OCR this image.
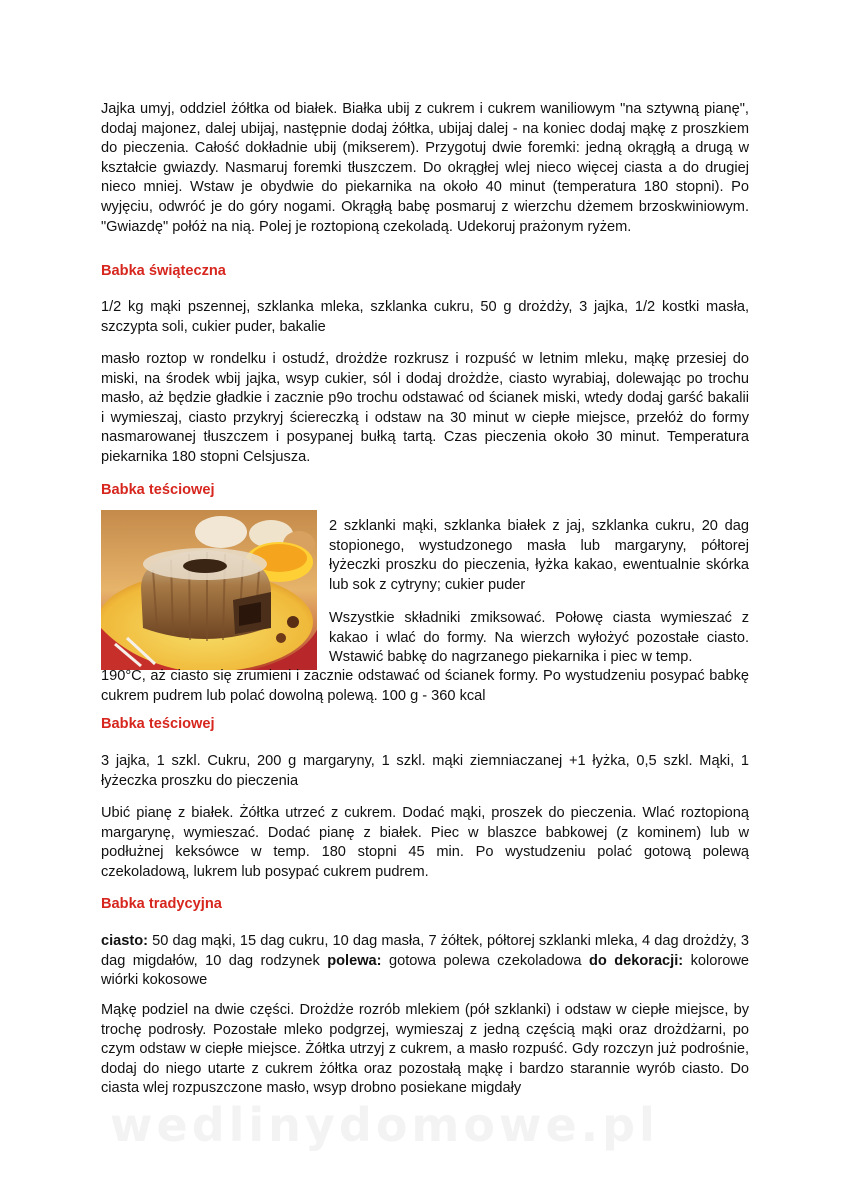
Jajka umyj, oddziel żółtka od białek. Białka ubij z cukrem i cukrem waniliowym "na sztywną pianę", dodaj majonez, dalej ubijaj, następnie dodaj żółtka, ubijaj dalej - na koniec dodaj mąkę z proszkiem do pieczenia. Całość dokładnie ubij (mikserem). Przygotuj dwie foremki: jedną okrągłą a drugą w kształcie gwiazdy. Nasmaruj foremki tłuszczem. Do okrągłej wlej nieco więcej ciasta a do drugiej nieco mniej. Wstaw je obydwie do piekarnika na około 40 minut (temperatura 180 stopni). Po wyjęciu, odwróć je do góry nogami. Okrągłą babę posmaruj z wierzchu dżemem brzoskwiniowym. "Gwiazdę" połóż na nią. Polej je roztopioną czekoladą. Udekoruj prażonym ryżem.

Babka świąteczna

1/2 kg mąki pszennej, szklanka mleka, szklanka cukru, 50 g drożdży, 3 jajka, 1/2 kostki masła, szczypta soli, cukier puder, bakalie

masło roztop w rondelku i ostudź, drożdże rozkrusz i rozpuść w letnim mleku, mąkę przesiej do miski, na środek wbij jajka, wsyp cukier, sól i dodaj drożdże, ciasto wyrabiaj, dolewając po trochu masło, aż będzie gładkie i zacznie p9o trochu odstawać od ścianek miski, wtedy dodaj garść bakalii i wymieszaj, ciasto przykryj ściereczką i odstaw na 30 minut w ciepłe miejsce, przełóż do formy nasmarowanej tłuszczem i posypanej bułką tartą. Czas pieczenia około 30 minut. Temperatura piekarnika 180 stopni Celsjusza.

Babka teściowej

2 szklanki mąki, szklanka białek z jaj, szklanka cukru, 20 dag stopionego, wystudzonego masła lub margaryny, półtorej łyżeczki proszku do pieczenia, łyżka kakao, ewentualnie skórka lub sok z cytryny; cukier puder

Wszystkie składniki zmiksować. Połowę ciasta wymieszać z kakao i wlać do formy. Na wierzch wyłożyć pozostałe ciasto. Wstawić babkę do nagrzanego piekarnika i piec w temp.

190°C, aż ciasto się zrumieni i zacznie odstawać od ścianek formy. Po wystudzeniu posypać babkę cukrem pudrem lub polać dowolną polewą. 100 g - 360 kcal

Babka teściowej

3 jajka, 1 szkl. Cukru, 200 g margaryny, 1 szkl. mąki ziemniaczanej +1 łyżka, 0,5 szkl. Mąki, 1 łyżeczka proszku do pieczenia

Ubić pianę z białek. Żółtka utrzeć z cukrem. Dodać mąki, proszek do pieczenia. Wlać roztopioną margarynę, wymieszać. Dodać pianę z białek. Piec w blaszce babkowej (z kominem) lub w podłużnej keksówce w temp. 180 stopni 45 min. Po wystudzeniu polać gotową polewą czekoladową, lukrem lub posypać cukrem pudrem.

Babka tradycyjna

ciasto: 50 dag mąki, 15 dag cukru, 10 dag masła, 7 żółtek, półtorej szklanki mleka, 4 dag drożdży, 3 dag migdałów, 10 dag rodzynek polewa: gotowa polewa czekoladowa do dekoracji: kolorowe wiórki kokosowe

Mąkę podziel na dwie części. Drożdże rozrób mlekiem (pół szklanki) i odstaw w ciepłe miejsce, by trochę podrosły. Pozostałe mleko podgrzej, wymieszaj z jedną częścią mąki oraz drożdżarni, po czym odstaw w ciepłe miejsce. Żółtka utrzyj z cukrem, a masło rozpuść. Gdy rozczyn już podrośnie, dodaj do niego utarte z cukrem żółtka oraz pozostałą mąkę i bardzo starannie wyrób ciasto. Do ciasta wlej rozpuszczone masło, wsyp drobno posiekane migdały

wedlinydomowe.pl
